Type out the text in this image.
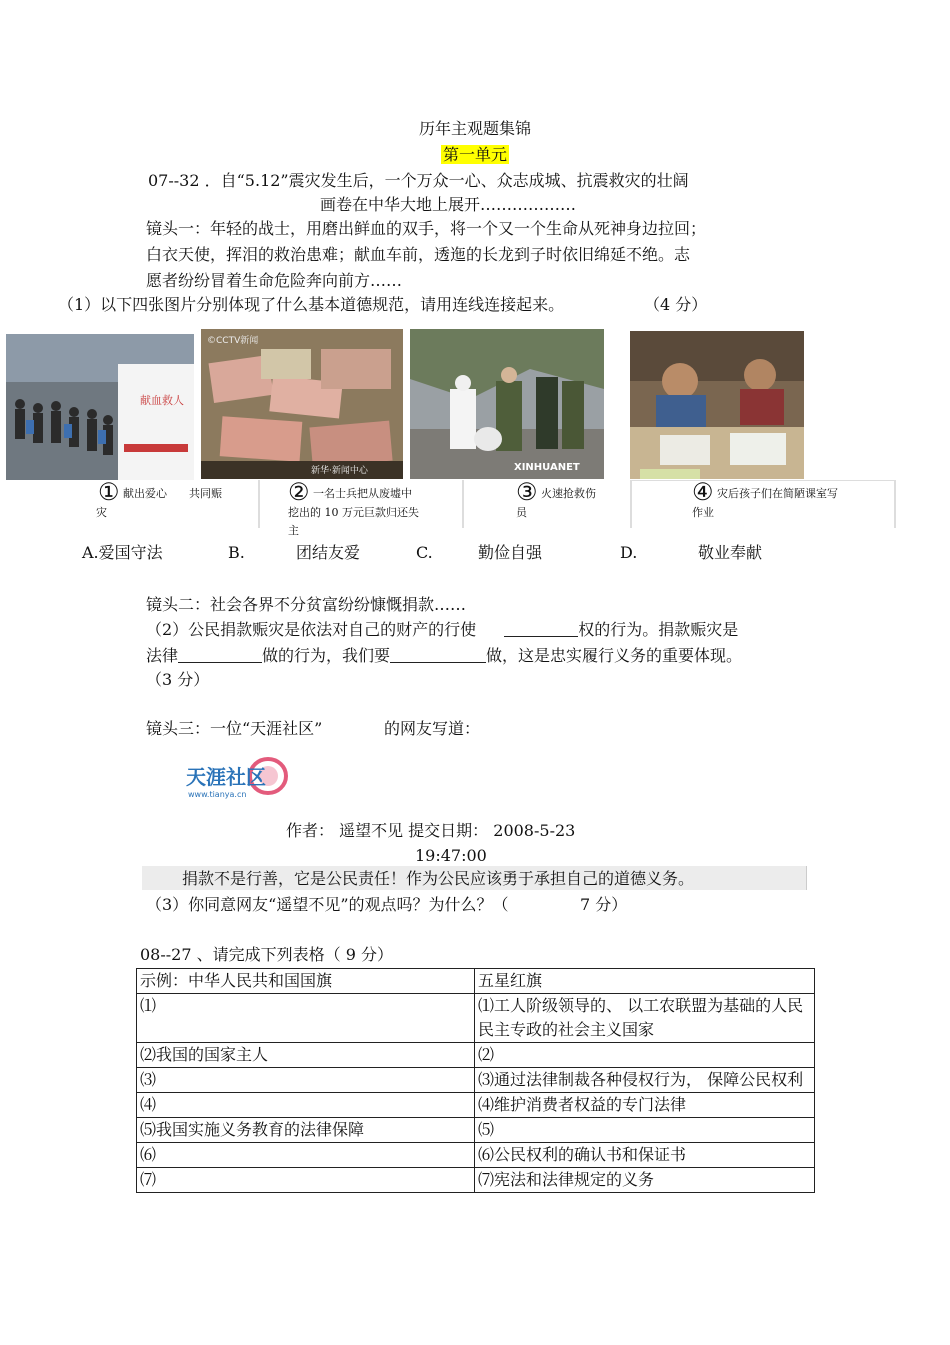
历年主观题集锦
第一单元
07--32 ．自“5.12”震灾发生后，一个万众一心、众志成城、抗震救灾的壮阔
画卷在中华大地上展开………………
镜头一：年轻的战士，用磨出鲜血的双手，将一个又一个生命从死神身边拉回；
白衣天使，挥泪的救治患难；献血车前，透迤的长龙到子时依旧绵延不绝。志
愿者纷纷冒着生命危险奔向前方……
（1）以下四张图片分别体现了什么基本道德规范，请用连线连接起来。	（4 分）
献血救人
©CCTV新闻
新华·新闻中心	XINHUANET
① 献出爱心　　共同赈
灾
② 一名士兵把从废墟中
挖出的 10 万元巨款归还失
主
③ 火速抢救伤
员
④ 灾后孩子们在简陋课室写
作业
A.爱国守法	B.	团结友爱	C.	勤俭自强	D.	敬业奉献
镜头二：社会各界不分贫富纷纷慷慨捐款……
（2）公民捐款赈灾是依法对自己的财产的行使	权的行为。捐款赈灾是
法律	做的行为，我们要	做，这是忠实履行义务的重要体现。
（3 分）
镜头三：一位“天涯社区”	的网友写道：
天涯社区
www.tianya.cn
作者： 遥望不见 提交日期： 2008-5-23
19:47:00
捐款不是行善，它是公民责任！作为公民应该勇于承担自己的道德义务。
（3）你同意网友“遥望不见”的观点吗？为什么？（	7 分）
08--27 、请完成下列表格（ 9 分）
示例：中华人民共和国国旗	五星红旗
⑴	⑴工人阶级领导的、 以工农联盟为基础的人民民主专政的社会主义国家
⑵我国的国家主人	⑵
⑶	⑶通过法律制裁各种侵权行为， 保障公民权利
⑷	⑷维护消费者权益的专门法律
⑸我国实施义务教育的法律保障	⑸
⑹	⑹公民权利的确认书和保证书
⑺	⑺宪法和法律规定的义务
